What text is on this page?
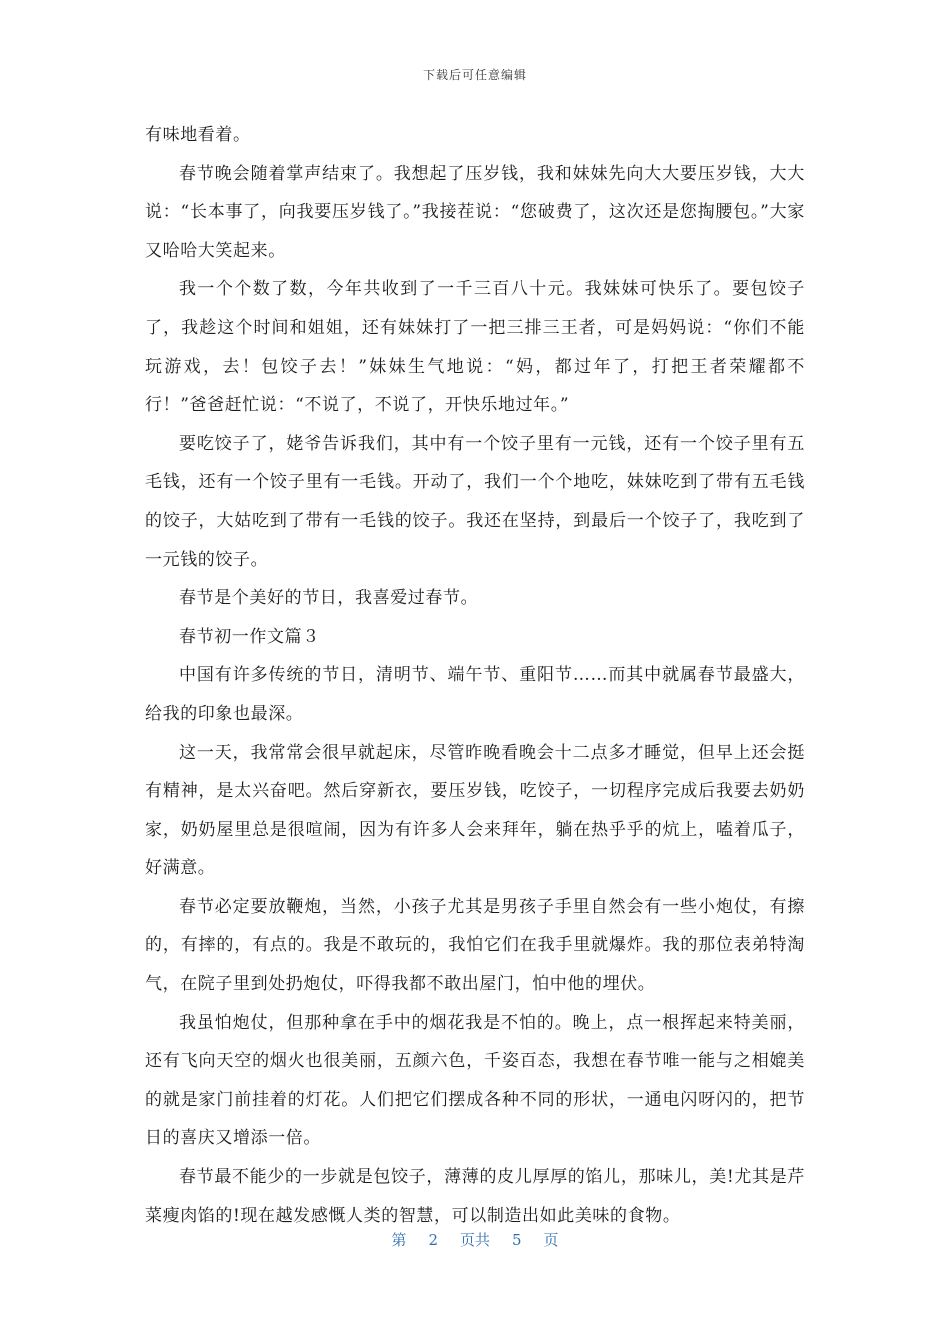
下载后可任意编辑

有味地看着。

春节晚会随着掌声结束了。我想起了压岁钱，我和妹妹先向大大要压岁钱，大大说：“长本事了，向我要压岁钱了。”我接茬说：“您破费了，这次还是您掏腰包。”大家又哈哈大笑起来。

我一个个数了数，今年共收到了一千三百八十元。我妹妹可快乐了。要包饺子了，我趁这个时间和姐姐，还有妹妹打了一把三排三王者，可是妈妈说：“你们不能玩游戏，去！包饺子去！”妹妹生气地说：“妈，都过年了，打把王者荣耀都不行！”爸爸赶忙说：“不说了，不说了，开快乐地过年。”

要吃饺子了，姥爷告诉我们，其中有一个饺子里有一元钱，还有一个饺子里有五毛钱，还有一个饺子里有一毛钱。开动了，我们一个个地吃，妹妹吃到了带有五毛钱的饺子，大姑吃到了带有一毛钱的饺子。我还在坚持，到最后一个饺子了，我吃到了一元钱的饺子。

春节是个美好的节日，我喜爱过春节。

春节初一作文篇３

中国有许多传统的节日，清明节、端午节、重阳节……而其中就属春节最盛大，给我的印象也最深。

这一天，我常常会很早就起床，尽管昨晚看晚会十二点多才睡觉，但早上还会挺有精神，是太兴奋吧。然后穿新衣，要压岁钱，吃饺子，一切程序完成后我要去奶奶家，奶奶屋里总是很喧闹，因为有许多人会来拜年，躺在热乎乎的炕上，嗑着瓜子，好满意。

春节必定要放鞭炮，当然，小孩子尤其是男孩子手里自然会有一些小炮仗，有擦的，有摔的，有点的。我是不敢玩的，我怕它们在我手里就爆炸。我的那位表弟特淘气，在院子里到处扔炮仗，吓得我都不敢出屋门，怕中他的埋伏。

我虽怕炮仗，但那种拿在手中的烟花我是不怕的。晚上，点一根挥起来特美丽，还有飞向天空的烟火也很美丽，五颜六色，千姿百态，我想在春节唯一能与之相媲美的就是家门前挂着的灯花。人们把它们摆成各种不同的形状，一通电闪呀闪的，把节日的喜庆又增添一倍。

春节最不能少的一步就是包饺子，薄薄的皮儿厚厚的馅儿，那味儿，美!尤其是芹菜瘦肉馅的!现在越发感慨人类的智慧，可以制造出如此美味的食物。

第 2 页共 5 页
